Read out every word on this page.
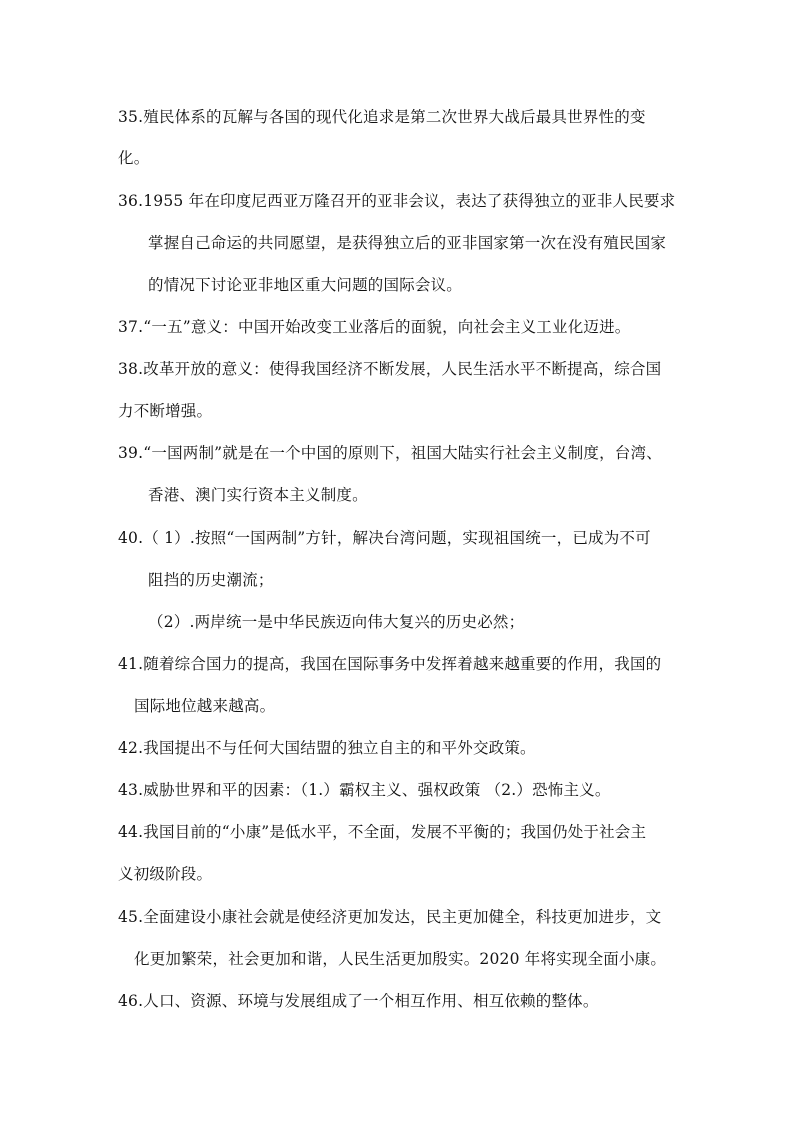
35.殖民体系的瓦解与各国的现代化追求是第二次世界大战后最具世界性的变
化。
36.1955 年在印度尼西亚万隆召开的亚非会议，表达了获得独立的亚非人民要求
掌握自己命运的共同愿望，是获得独立后的亚非国家第一次在没有殖民国家
的情况下讨论亚非地区重大问题的国际会议。
37.“一五”意义：中国开始改变工业落后的面貌，向社会主义工业化迈进。
38.改革开放的意义：使得我国经济不断发展，人民生活水平不断提高，综合国
力不断增强。
39.“一国两制”就是在一个中国的原则下，祖国大陆实行社会主义制度，台湾、
香港、澳门实行资本主义制度。
40.（ 1）.按照“一国两制”方针，解决台湾问题，实现祖国统一，已成为不可
阻挡的历史潮流；
（2）.两岸统一是中华民族迈向伟大复兴的历史必然；
41.随着综合国力的提高，我国在国际事务中发挥着越来越重要的作用，我国的
国际地位越来越高。
42.我国提出不与任何大国结盟的独立自主的和平外交政策。
43.威胁世界和平的因素：（1.）霸权主义、强权政策 （2.）恐怖主义。
44.我国目前的“小康”是低水平，不全面，发展不平衡的；我国仍处于社会主
义初级阶段。
45.全面建设小康社会就是使经济更加发达，民主更加健全，科技更加进步，文
化更加繁荣，社会更加和谐，人民生活更加殷实。2020 年将实现全面小康。
46.人口、资源、环境与发展组成了一个相互作用、相互依赖的整体。
